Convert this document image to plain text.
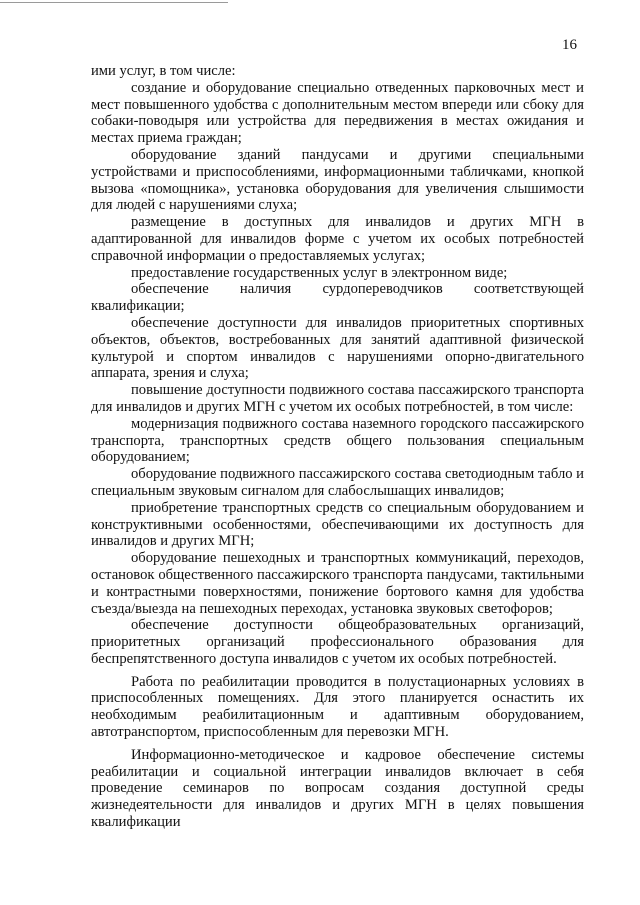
16

ими услуг, в том числе:

создание и оборудование специально отведенных парковочных мест и мест повышенного удобства с дополнительным местом впереди или сбоку для собаки-поводыря или устройства для передвижения в местах ожидания и местах приема граждан;

оборудование зданий пандусами и другими специальными устройствами и приспособлениями, информационными табличками, кнопкой вызова «помощника», установка оборудования для увеличения слышимости для людей с нарушениями слуха;

размещение в доступных для инвалидов и других МГН в адаптированной для инвалидов форме с учетом их особых потребностей справочной информации о предоставляемых услугах;

предоставление государственных услуг в электронном виде;

обеспечение наличия сурдопереводчиков соответствующей квалификации;

обеспечение доступности для инвалидов приоритетных спортивных объектов, объектов, востребованных для занятий адаптивной физической культурой и спортом инвалидов с нарушениями опорно-двигательного аппарата, зрения и слуха;

повышение доступности подвижного состава пассажирского транспорта для инвалидов и других МГН с учетом их особых потребностей, в том числе:

модернизация подвижного состава наземного городского пассажирского транспорта, транспортных средств общего пользования специальным оборудованием;

оборудование подвижного пассажирского состава светодиодным табло и специальным звуковым сигналом для слабослышащих инвалидов;

приобретение транспортных средств со специальным оборудованием и конструктивными особенностями, обеспечивающими их доступность для инвалидов и других МГН;

оборудование пешеходных и транспортных коммуникаций, переходов, остановок общественного пассажирского транспорта пандусами, тактильными и контрастными поверхностями, понижение бортового камня для удобства съезда/выезда на пешеходных переходах, установка звуковых светофоров;

обеспечение доступности общеобразовательных организаций, приоритетных организаций профессионального образования для беспрепятственного доступа инвалидов с учетом их особых потребностей.

Работа по реабилитации проводится в полустационарных условиях в приспособленных помещениях. Для этого планируется оснастить их необходимым реабилитационным и адаптивным оборудованием, автотранспортом, приспособленным для перевозки МГН.

Информационно-методическое и кадровое обеспечение системы реабилитации и социальной интеграции инвалидов включает в себя проведение семинаров по вопросам создания доступной среды жизнедеятельности для инвалидов и других МГН в целях повышения квалификации
